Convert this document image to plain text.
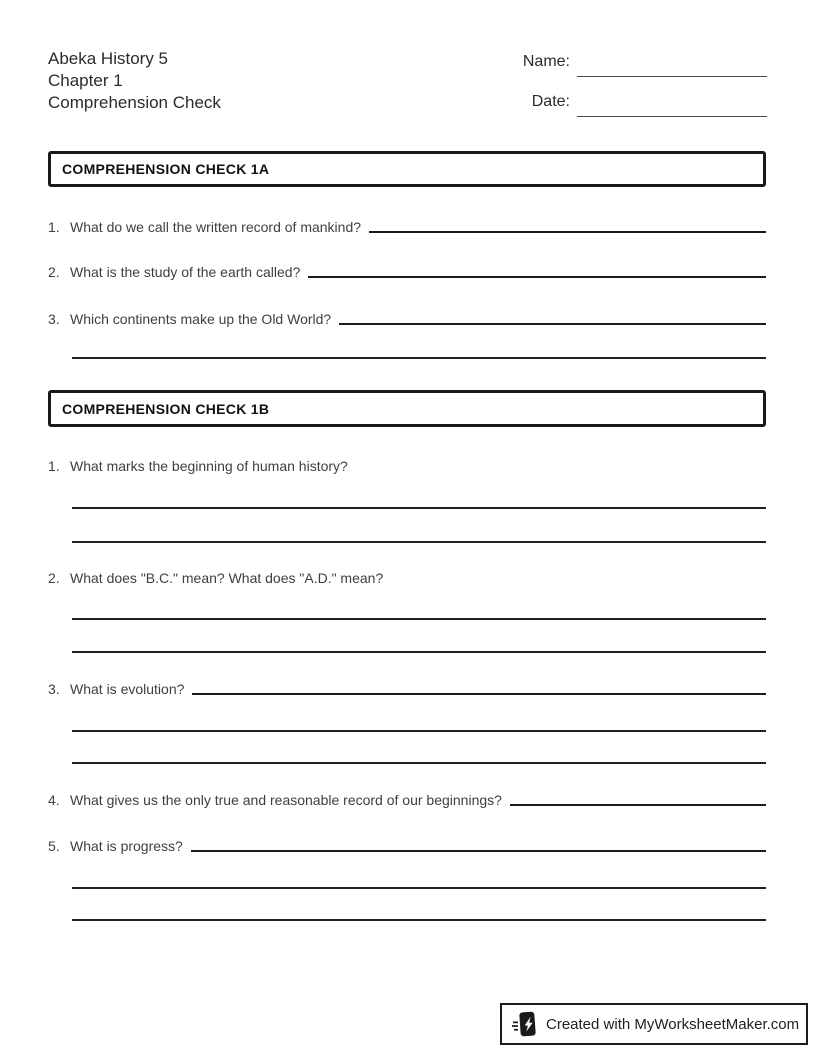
Abeka History 5
Chapter 1
Comprehension Check
Name:
Date:
COMPREHENSION CHECK 1A
1. What do we call the written record of mankind?
2. What is the study of the earth called?
3. Which continents make up the Old World?
COMPREHENSION CHECK 1B
1. What marks the beginning of human history?
2. What does "B.C." mean? What does "A.D." mean?
3. What is evolution?
4. What gives us the only true and reasonable record of our beginnings?
5. What is progress?
Created with MyWorksheetMaker.com
